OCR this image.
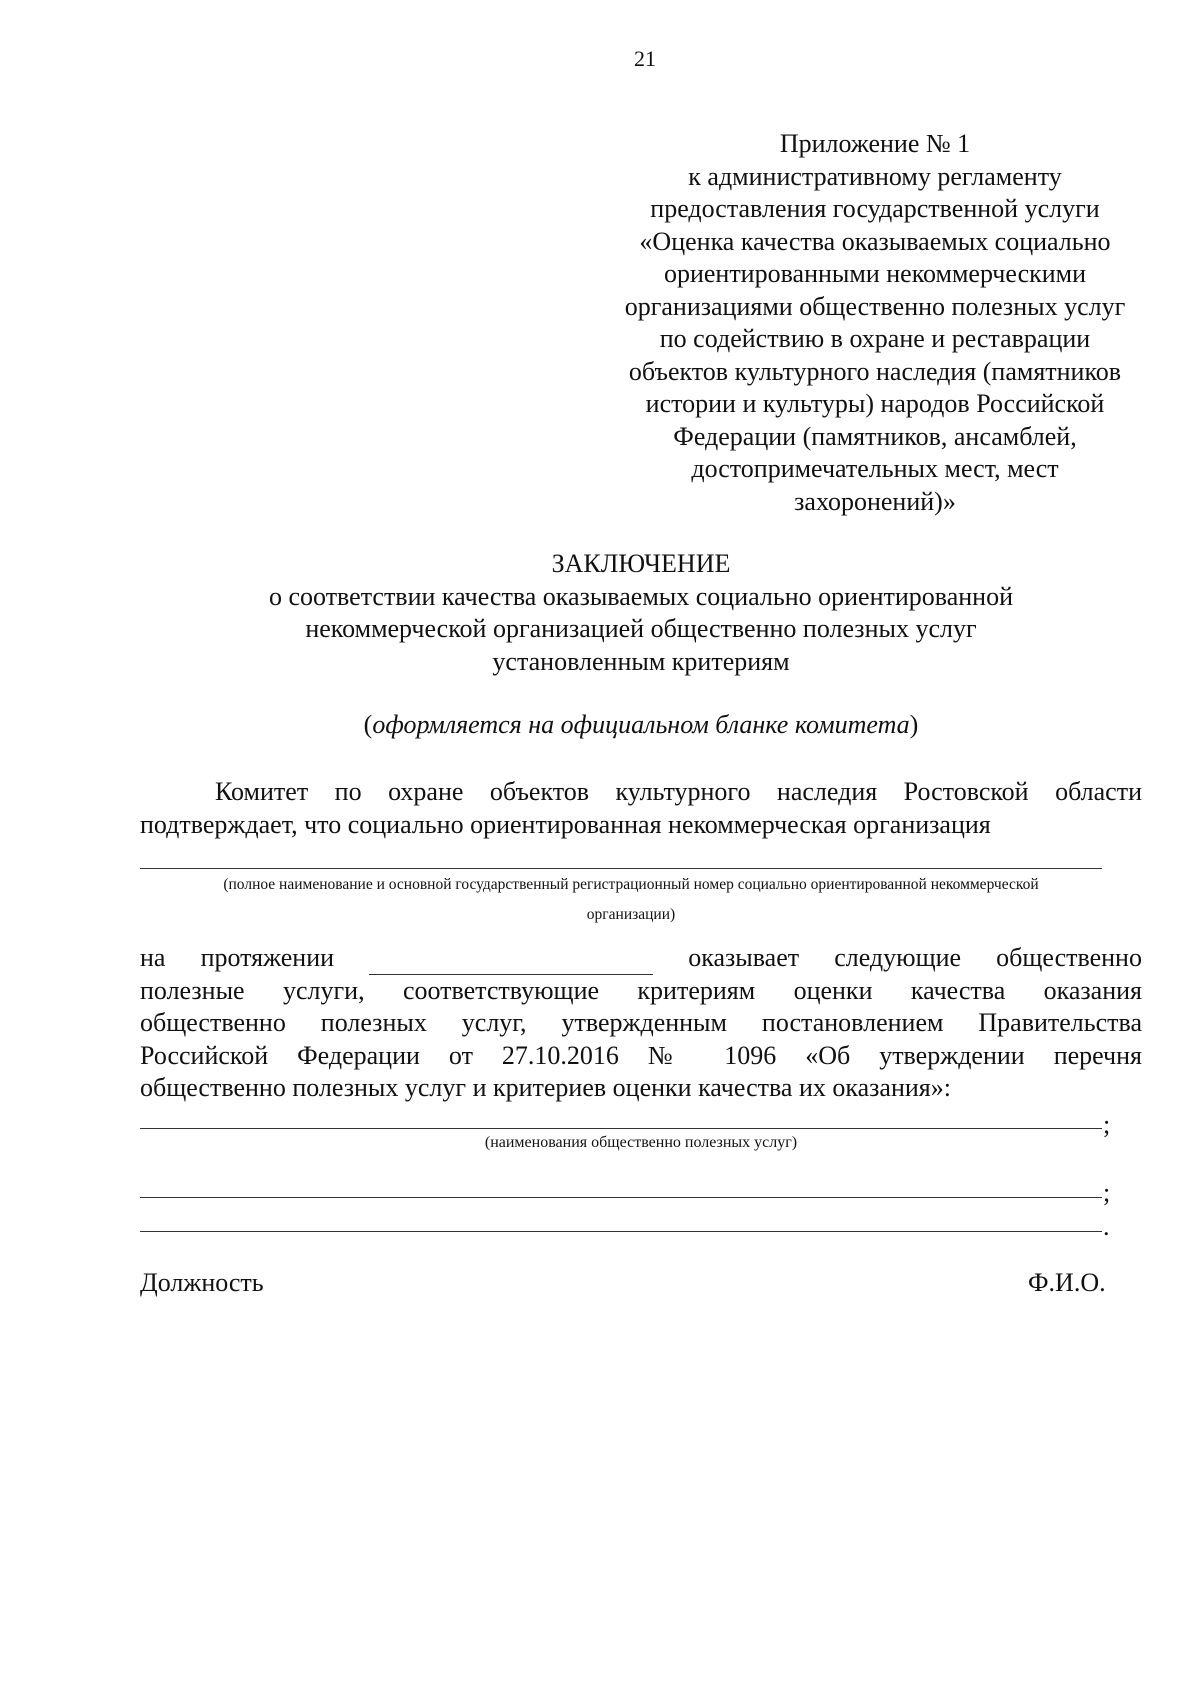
21
Приложение № 1
к административному регламенту
предоставления государственной услуги
«Оценка качества оказываемых социально
ориентированными некоммерческими
организациями общественно полезных услуг
по содействию в охране и реставрации
объектов культурного наследия (памятников
истории и культуры) народов Российской
Федерации (памятников, ансамблей,
достопримечательных мест, мест
захоронений)»
ЗАКЛЮЧЕНИЕ
о соответствии качества оказываемых социально ориентированной
некоммерческой организацией общественно полезных услуг
установленным критериям
(оформляется на официальном бланке комитета)
Комитет по охране объектов культурного наследия Ростовской области
подтверждает, что социально ориентированная некоммерческая организация
(полное наименование и основной государственный регистрационный номер социально ориентированной некоммерческой
организации)
на протяжении	оказывает следующие общественно
полезные услуги, соответствующие критериям оценки качества оказания
общественно полезных услуг, утвержденным постановлением Правительства
Российской Федерации от 27.10.2016 № 1096 «Об утверждении перечня
общественно полезных услуг и критериев оценки качества их оказания»:
;
(наименования общественно полезных услуг)
;
.
Должность	Ф.И.О.
